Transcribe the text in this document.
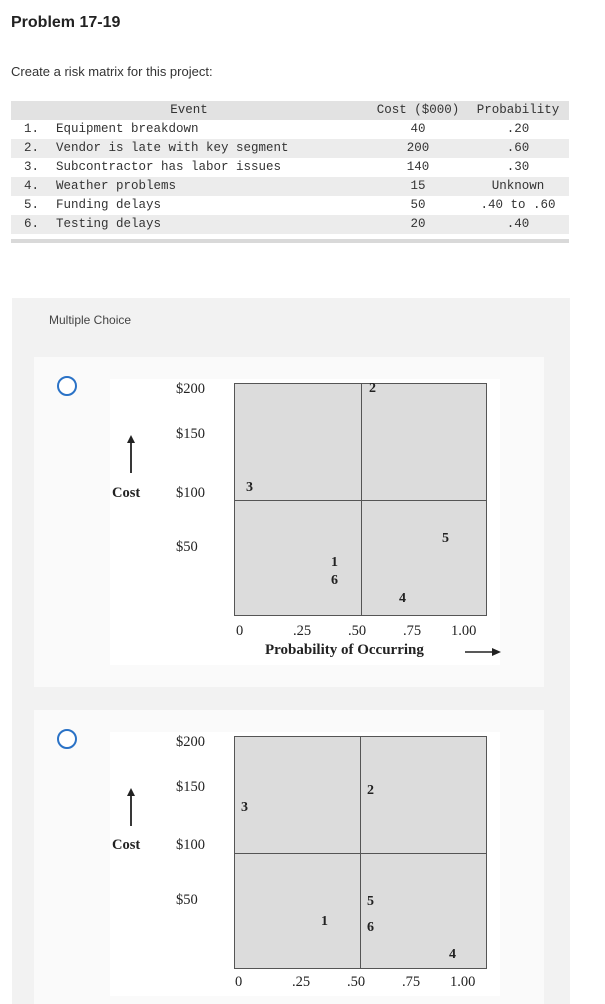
Problem 17-19
Create a risk matrix for this project:
Event	Cost ($000)	Probability
1. Equipment breakdown	40	.20
2. Vendor is late with key segment	200	.60
3. Subcontractor has labor issues	140	.30
4. Weather problems	15	Unknown
5. Funding delays	50	.40 to .60
6. Testing delays	20	.40
Multiple Choice
$200
$150
$100
$50
Cost
2
3
5
1
6
4
0	.25	.50	.75 1.00
Probability of Occurring
$200
$150
$100
$50
Cost
2
3
5
1	6
4
0	.25	.50	.75 1.00
